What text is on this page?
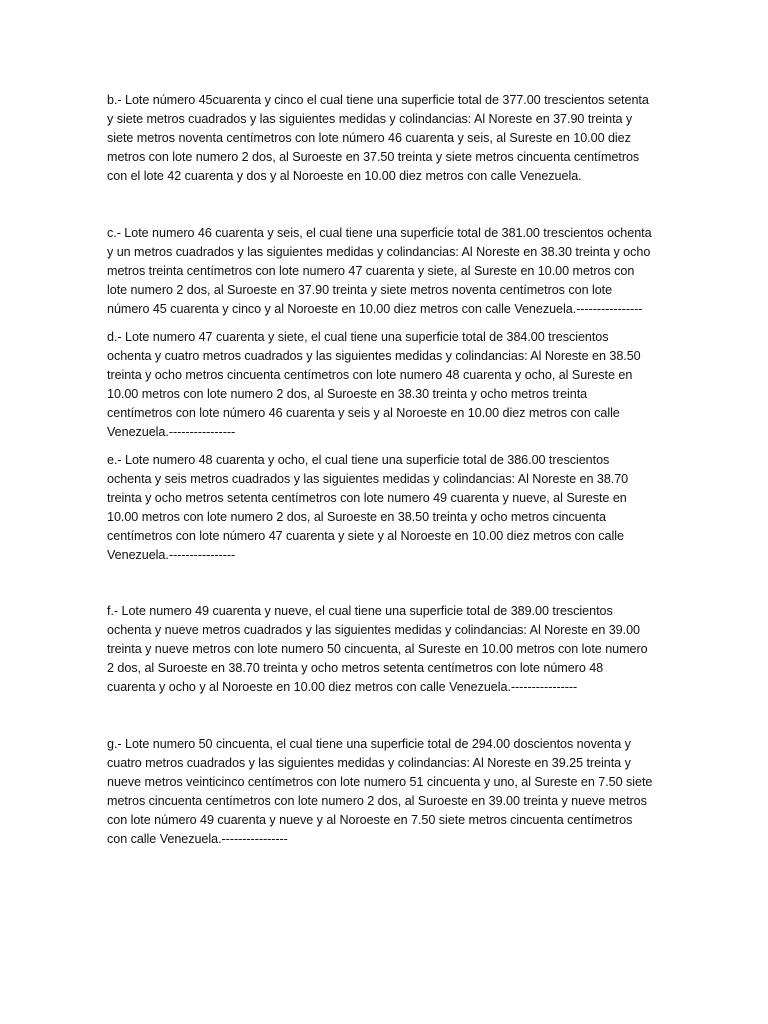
b.- Lote número 45cuarenta y cinco el cual tiene una superficie total de 377.00 trescientos setenta
y siete metros cuadrados y las siguientes medidas y colindancias: Al Noreste en 37.90 treinta y
siete metros noventa centímetros con lote número 46 cuarenta y seis, al Sureste en 10.00 diez
metros con lote numero 2 dos, al Suroeste en 37.50 treinta y siete metros cincuenta centímetros
con el lote 42 cuarenta y dos y al Noroeste en 10.00 diez metros con calle Venezuela.

c.- Lote numero 46 cuarenta y seis, el cual tiene una superficie total de 381.00 trescientos ochenta
y un metros cuadrados y las siguientes medidas y colindancias: Al Noreste en 38.30 treinta y ocho
metros treinta centímetros con lote numero 47 cuarenta y siete, al Sureste en 10.00 metros con
lote numero 2 dos, al Suroeste en 37.90 treinta y siete metros noventa centímetros con lote
número 45 cuarenta y cinco y al Noroeste en 10.00 diez metros con calle Venezuela.----------------

d.- Lote numero 47 cuarenta y siete, el cual tiene una superficie total de 384.00 trescientos
ochenta y cuatro metros cuadrados y las siguientes medidas y colindancias: Al Noreste en 38.50
treinta y ocho metros cincuenta centímetros con lote numero 48 cuarenta y ocho, al Sureste en
10.00 metros con lote numero 2 dos, al Suroeste en 38.30 treinta y ocho metros treinta
centímetros con lote número 46 cuarenta y seis y al Noroeste en 10.00 diez metros con calle
Venezuela.----------------

e.- Lote numero 48 cuarenta y ocho, el cual tiene una superficie total de 386.00 trescientos
ochenta y seis metros cuadrados y las siguientes medidas y colindancias: Al Noreste en 38.70
treinta y ocho metros setenta centímetros con lote numero 49 cuarenta y nueve, al Sureste en
10.00 metros con lote numero 2 dos, al Suroeste en 38.50 treinta y ocho metros cincuenta
centímetros con lote número 47 cuarenta y siete y al Noroeste en 10.00 diez metros con calle
Venezuela.----------------

f.- Lote numero 49 cuarenta y nueve, el cual tiene una superficie total de 389.00 trescientos
ochenta y nueve metros cuadrados y las siguientes medidas y colindancias: Al Noreste en 39.00
treinta y nueve metros con lote numero 50 cincuenta, al Sureste en 10.00 metros con lote numero
2 dos, al Suroeste en 38.70 treinta y ocho metros setenta centímetros con lote número 48
cuarenta y ocho y al Noroeste en 10.00 diez metros con calle Venezuela.----------------

g.- Lote numero 50 cincuenta, el cual tiene una superficie total de 294.00 doscientos noventa y
cuatro metros cuadrados y las siguientes medidas y colindancias: Al Noreste en 39.25 treinta y
nueve metros veinticinco centímetros con lote numero 51 cincuenta y uno, al Sureste en 7.50 siete
metros cincuenta centímetros con lote numero 2 dos, al Suroeste en 39.00 treinta y nueve metros
con lote número 49 cuarenta y nueve y al Noroeste en 7.50 siete metros cincuenta centímetros
con calle Venezuela.----------------
